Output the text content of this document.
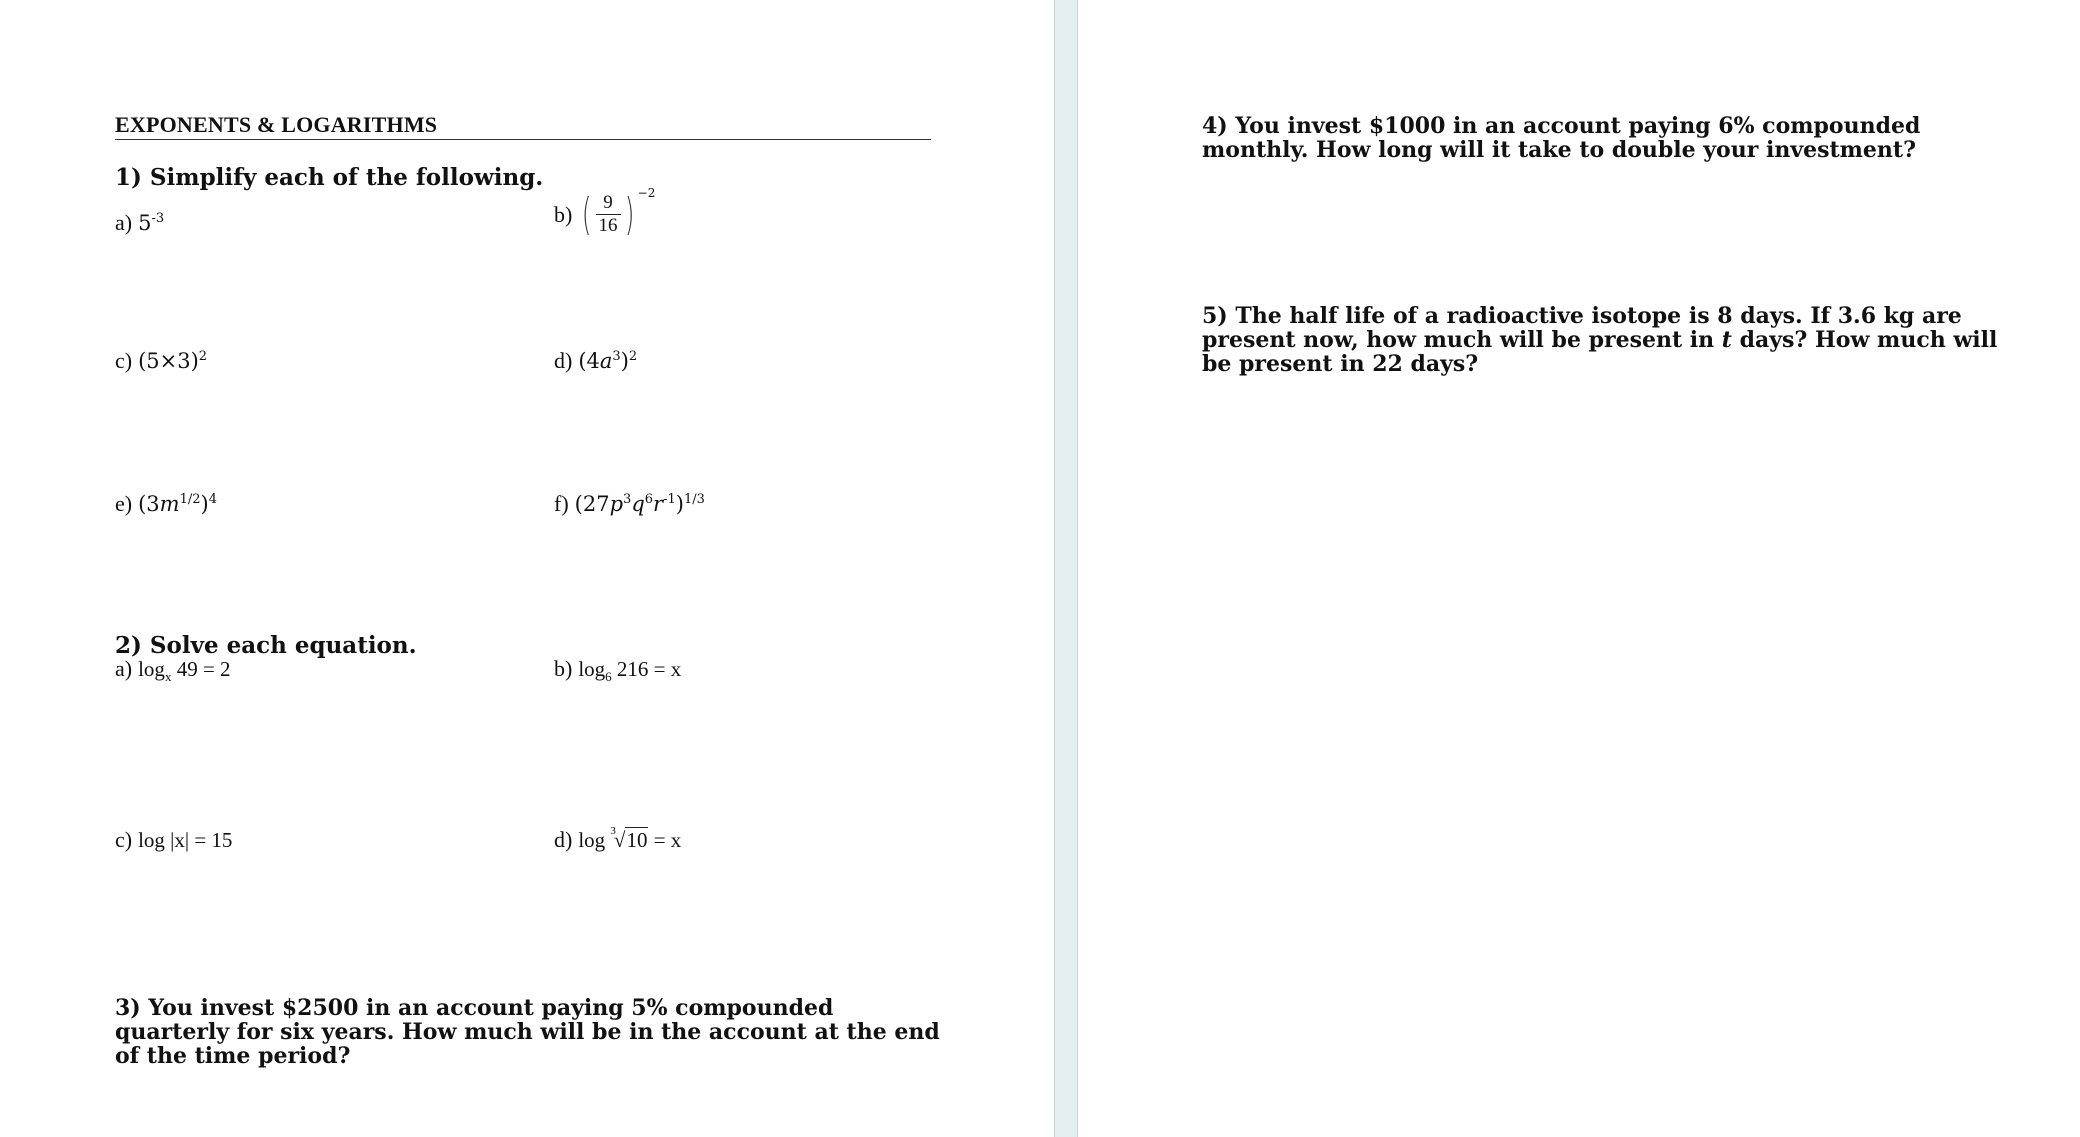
EXPONENTS & LOGARITHMS
1) Simplify each of the following.
a) $5^{-3}$	b) ( $\frac{9}{16}$ ) $^{-2}$
c) $(5\times 3)^2$	d) $(4a^3)^2$
e) $(3m^{1/2})^4$	f) $(27p^3q^6r^{-1})^{1/3}$
2) Solve each equation.
a) $\log_x 49 = 2$	b) $\log_6 216 = x$
c) log |x| = 15	d) log $^3$√10 = x
3) You invest $2500 in an account paying 5% compounded quarterly for six years. How much will be in the account at the end of the time period?
4) You invest $1000 in an account paying 6% compounded monthly. How long will it take to double your investment?
5) The half life of a radioactive isotope is 8 days. If 3.6 kg are present now, how much will be present in t days? How much will be present in 22 days?
